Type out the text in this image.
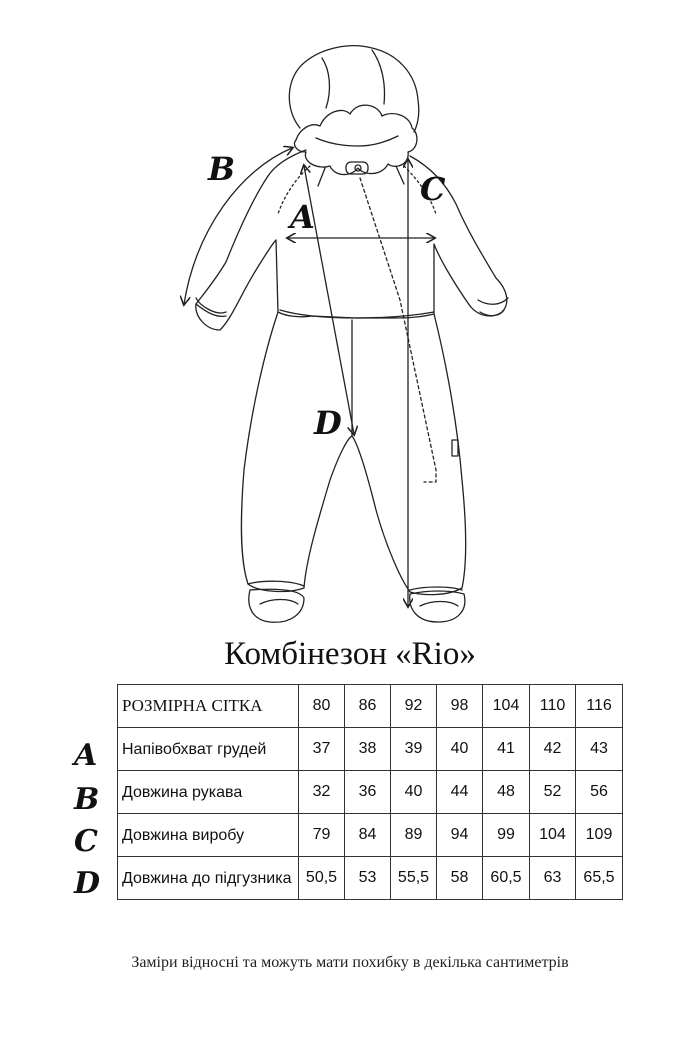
A
B
C
D
Комбінезон «Rio»
A
B
C
D
РОЗМІРНА СІТКА	80	86	92	98	104	110	116
Напівобхват грудей	37	38	39	40	41	42	43
Довжина рукава	32	36	40	44	48	52	56
Довжина виробу	79	84	89	94	99	104	109
Довжина до підгузника	50,5	53	55,5	58	60,5	63	65,5
Заміри відносні та можуть мати похибку в декілька сантиметрів
